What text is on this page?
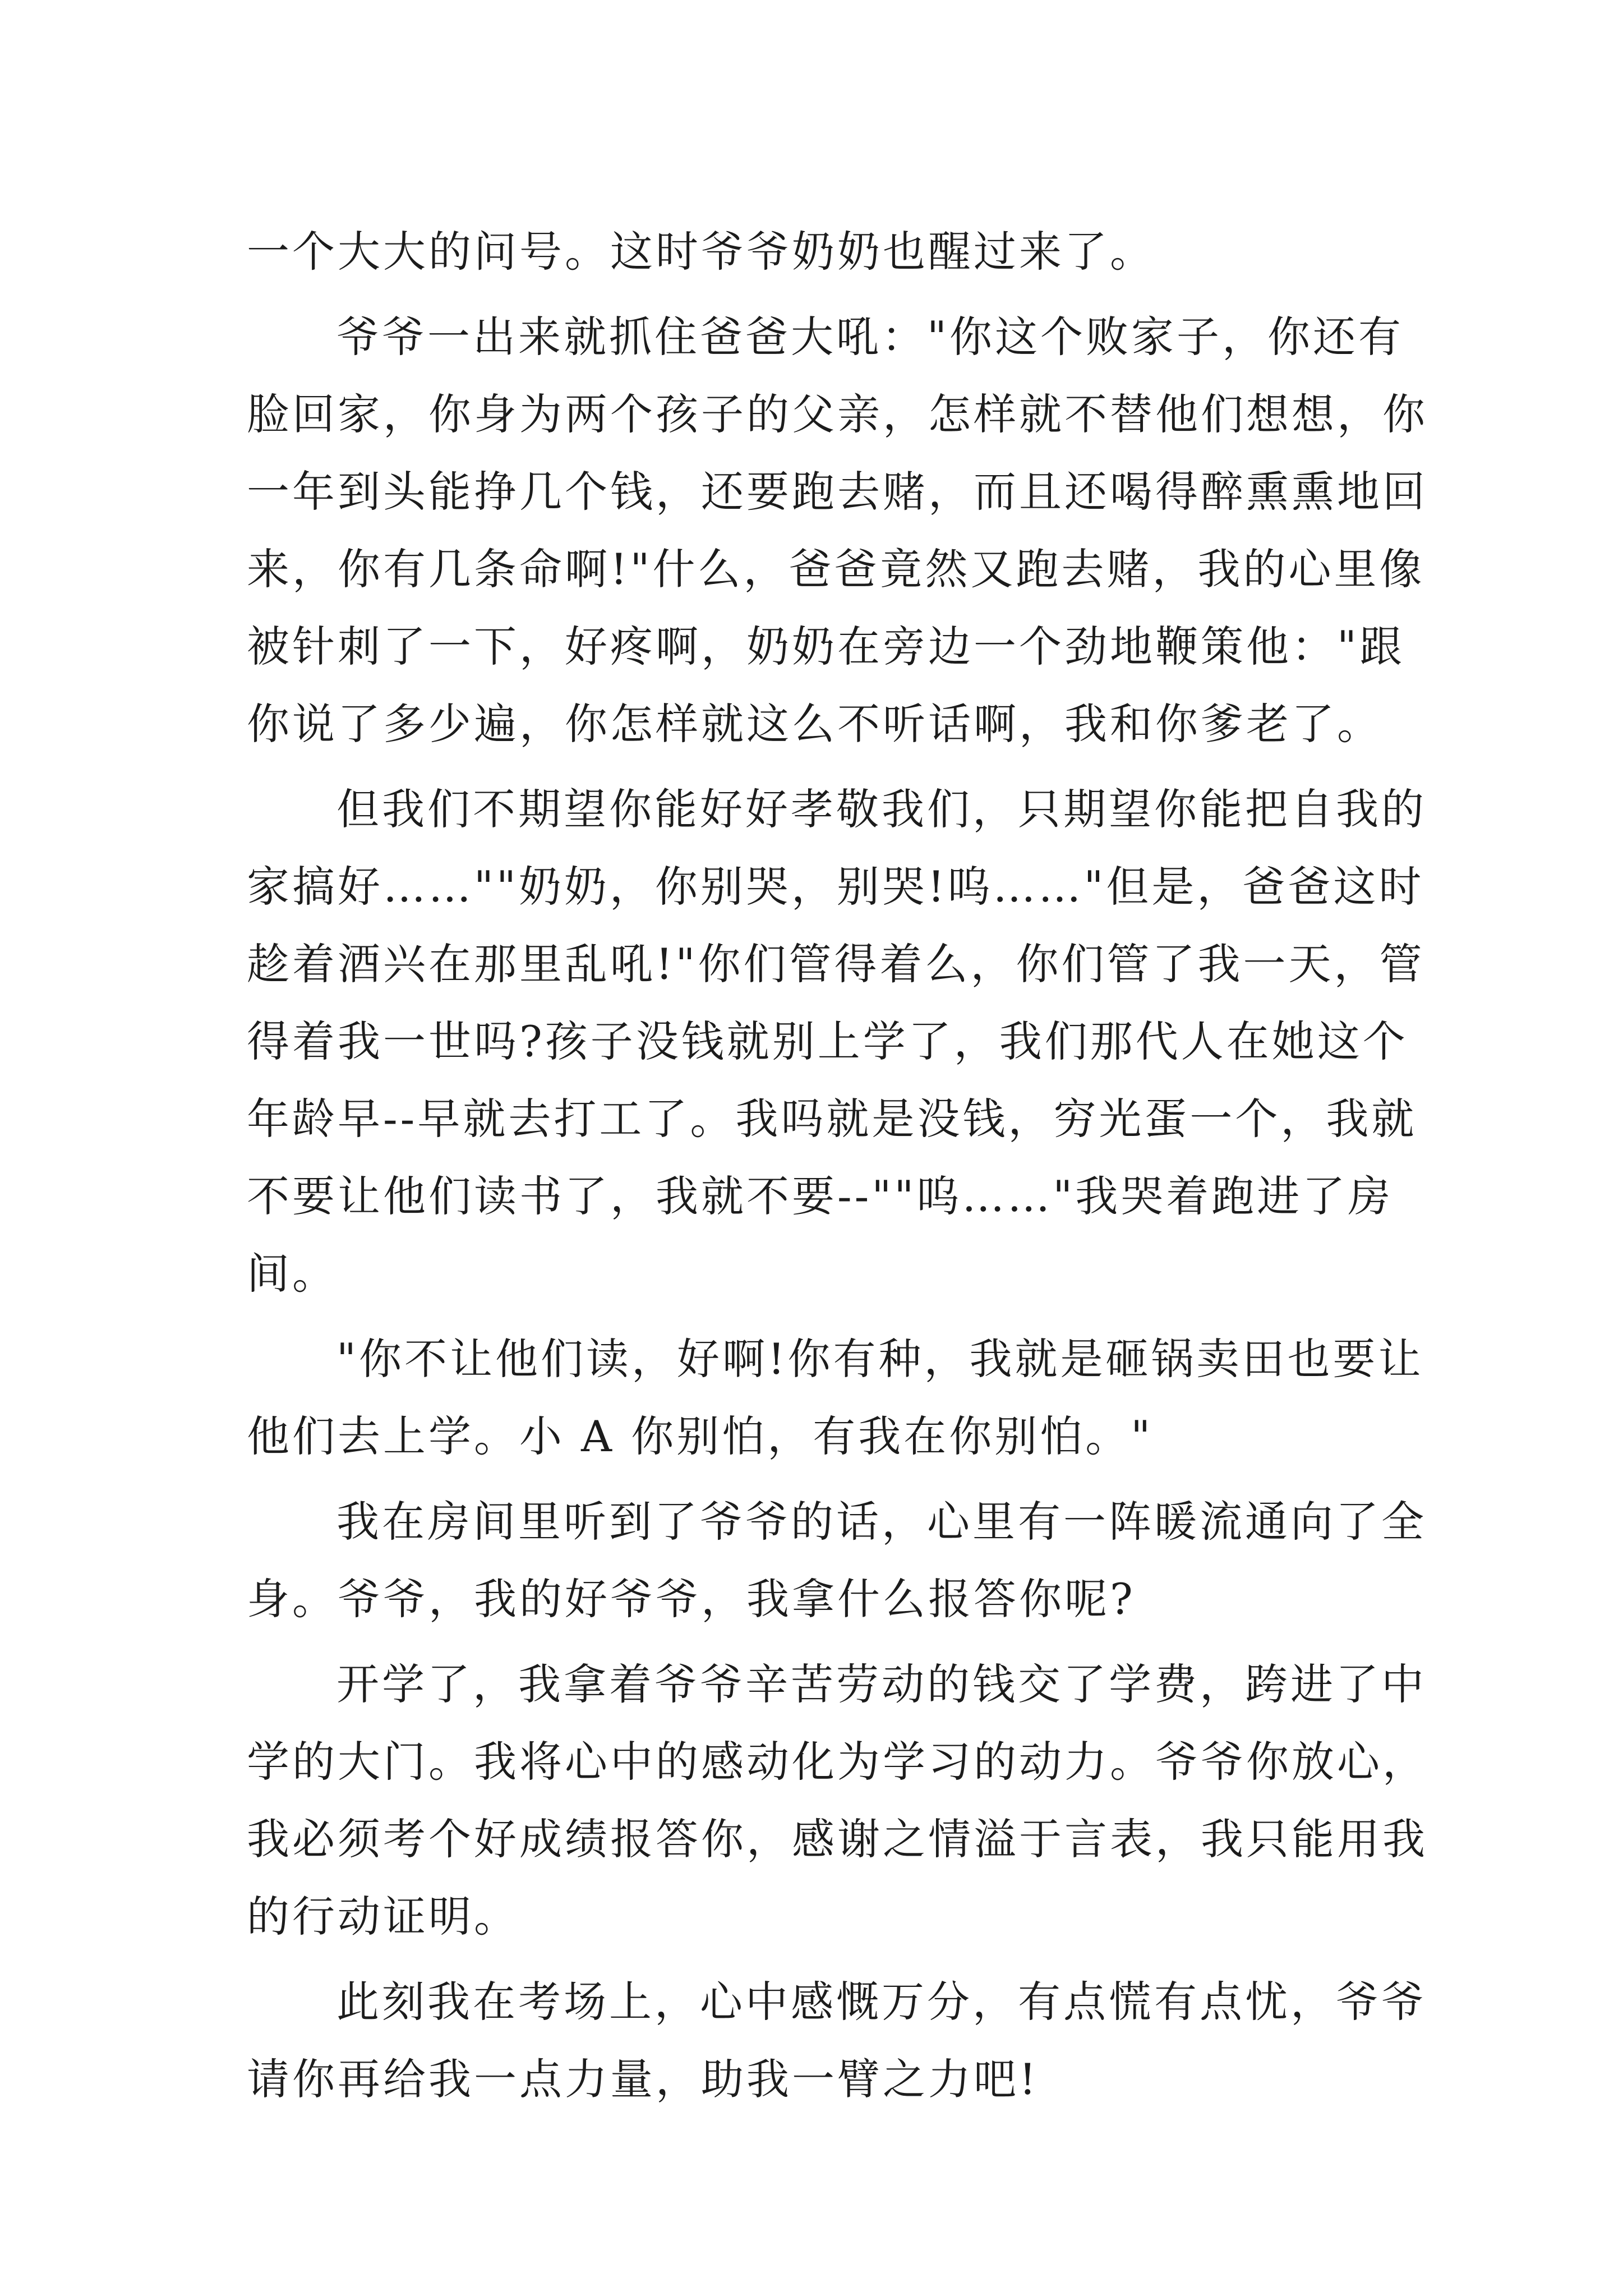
一个大大的问号。这时爷爷奶奶也醒过来了。
爷爷一出来就抓住爸爸大吼："你这个败家子，你还有
脸回家，你身为两个孩子的父亲，怎样就不替他们想想，你
一年到头能挣几个钱，还要跑去赌，而且还喝得醉熏熏地回
来，你有几条命啊!"什么，爸爸竟然又跑去赌，我的心里像
被针刺了一下，好疼啊，奶奶在旁边一个劲地鞭策他："跟
你说了多少遍，你怎样就这么不听话啊，我和你爹老了。
但我们不期望你能好好孝敬我们，只期望你能把自我的
家搞好……""奶奶，你别哭，别哭!呜……"但是，爸爸这时
趁着酒兴在那里乱吼!"你们管得着么，你们管了我一天，管
得着我一世吗?孩子没钱就别上学了，我们那代人在她这个
年龄早--早就去打工了。我吗就是没钱，穷光蛋一个，我就
不要让他们读书了，我就不要--""呜……"我哭着跑进了房
间。
"你不让他们读，好啊!你有种，我就是砸锅卖田也要让
他们去上学。小 A 你别怕，有我在你别怕。"
我在房间里听到了爷爷的话，心里有一阵暖流通向了全
身。爷爷，我的好爷爷，我拿什么报答你呢?
开学了，我拿着爷爷辛苦劳动的钱交了学费，跨进了中
学的大门。我将心中的感动化为学习的动力。爷爷你放心，
我必须考个好成绩报答你，感谢之情溢于言表，我只能用我
的行动证明。
此刻我在考场上，心中感慨万分，有点慌有点忧，爷爷
请你再给我一点力量，助我一臂之力吧!
